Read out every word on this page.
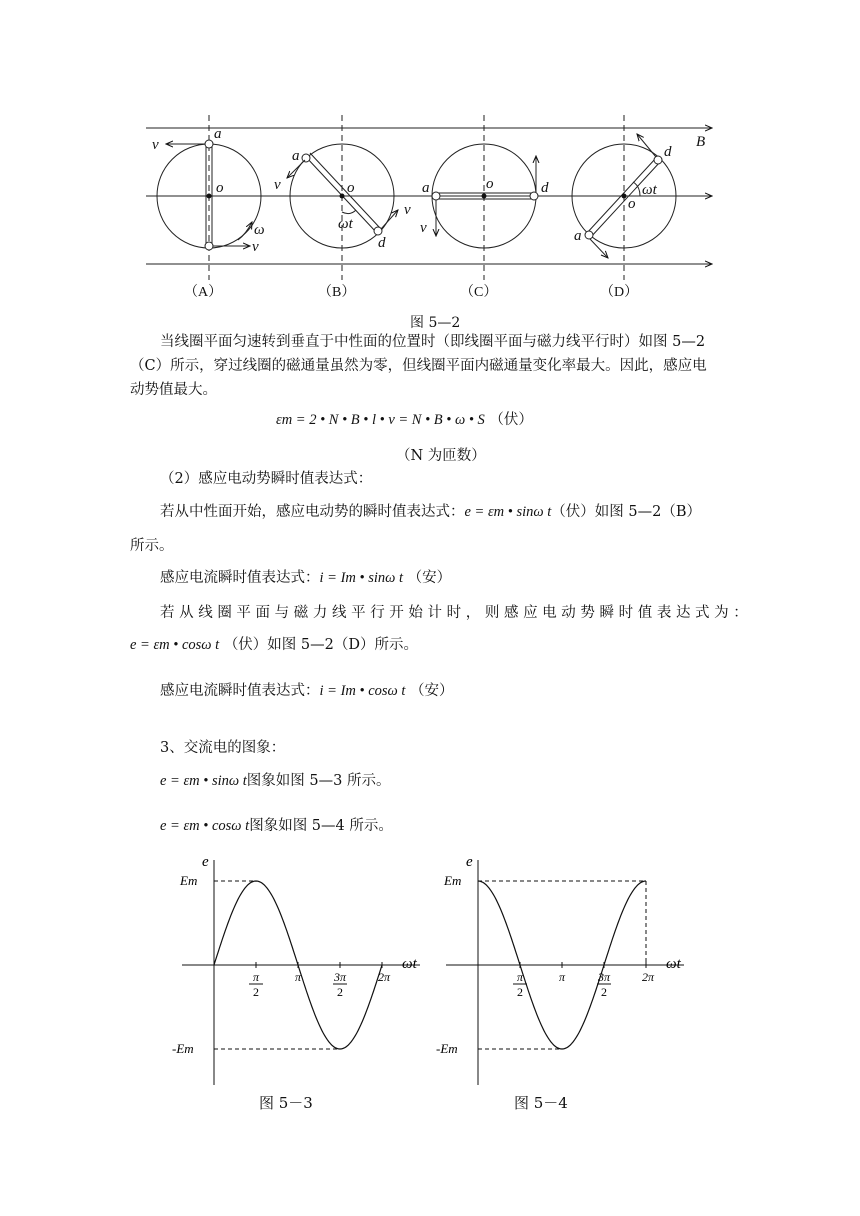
B
a
o
v
v
ω
a
o
v
v
d
ωt
a	o	d
v
d
o
a
ωt
（A）	（B）	（C）	（D）
图 5—2
当线圈平面匀速转到垂直于中性面的位置时（即线圈平面与磁力线平行时）如图 5—2
（C）所示，穿过线圈的磁通量虽然为零，但线圈平面内磁通量变化率最大。因此，感应电
动势值最大。
εm = 2 • N • B • l • v = N • B • ω • S （伏）
（N 为匝数）
（2）感应电动势瞬时值表达式：
若从中性面开始，感应电动势的瞬时值表达式：e = εm • sinω t（伏）如图 5—2（B）
所示。
感应电流瞬时值表达式：i = Im • sinω t （安）
若 从 线 圈 平 面 与 磁 力 线 平 行 开 始 计 时 ， 则 感 应 电 动 势 瞬 时 值 表 达 式 为 ：
e = εm • cosω t （伏）如图 5—2（D）所示。
感应电流瞬时值表达式：i = Im • cosω t （安）
3、交流电的图象：
e = εm • sinω t图象如图 5—3 所示。
e = εm • cosω t图象如图 5—4 所示。
e
ωt
Em
-Em
π
2
π	3π
2
2π
e
ωt
Em
-Em
π
2
π	3π
2
2π
图 5－3	图 5－4
